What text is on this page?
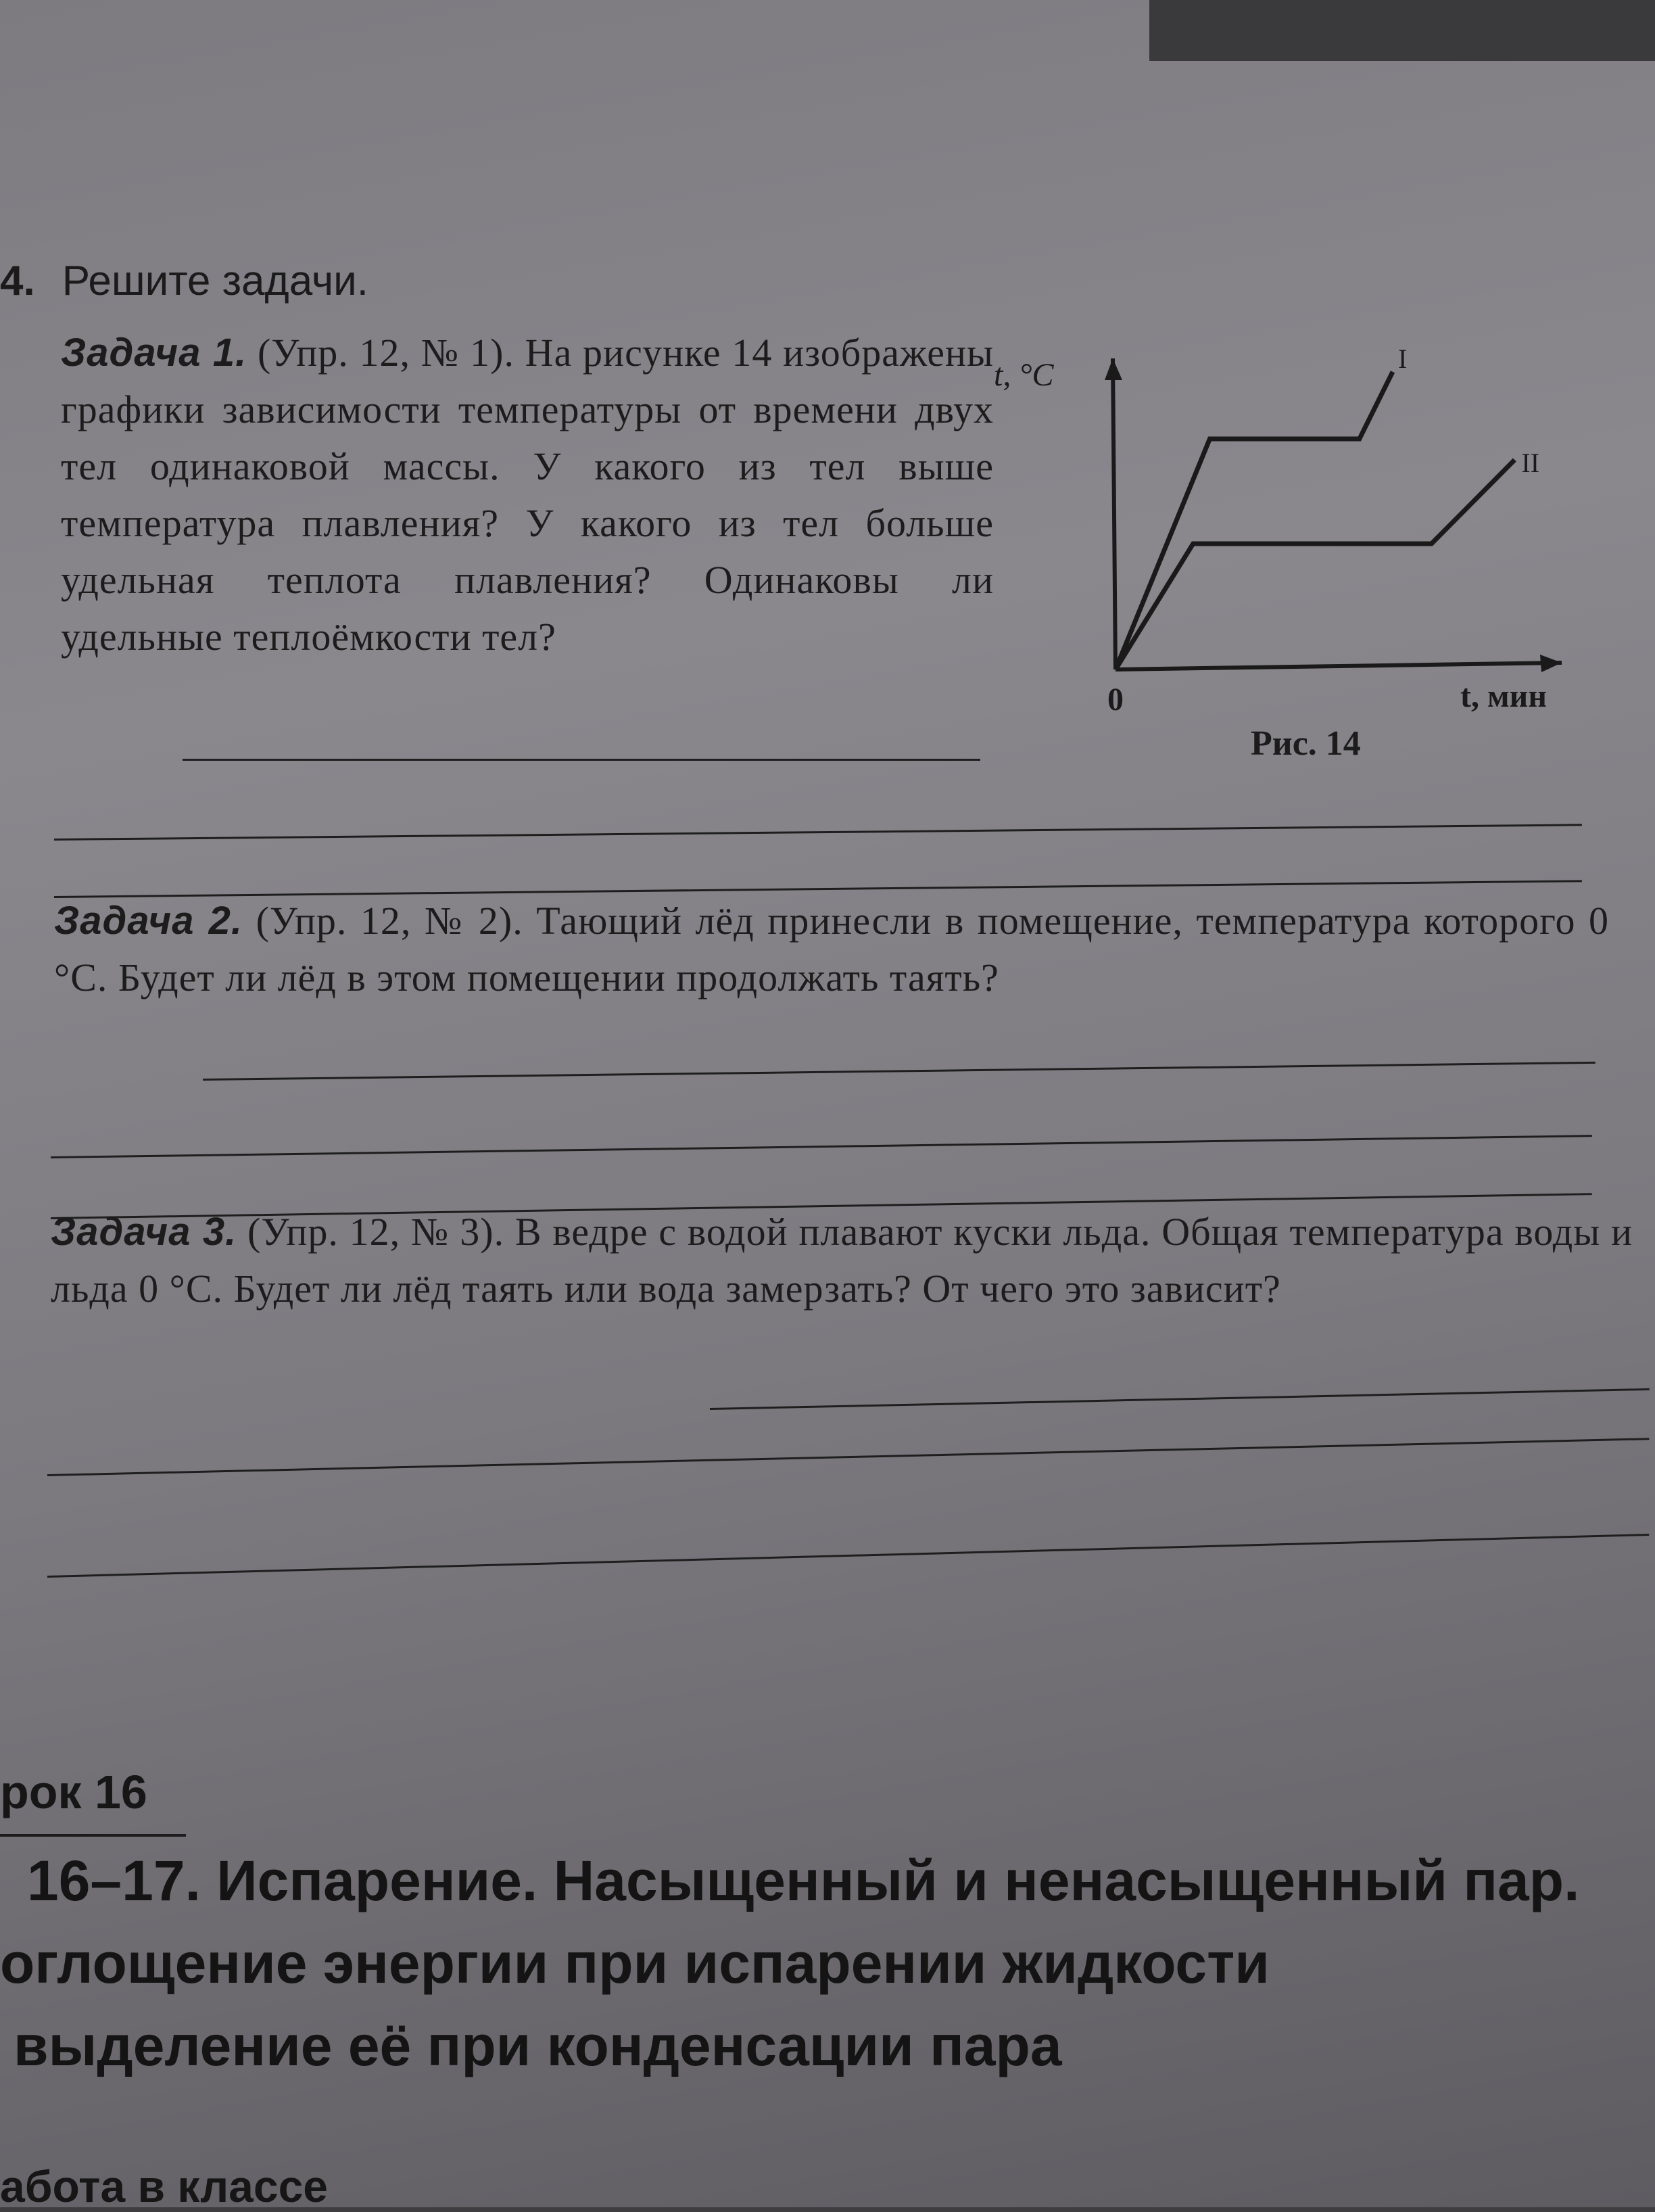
4. Решите задачи.
Задача 1. (Упр. 12, № 1). На рисунке 14 изображены графики зависимости температуры от времени двух тел одинаковой массы. У какого из тел выше температура плавления? У какого из тел больше удельная теплота плавления? Одинаковы ли удельные теплоёмкости тел?
I
II
t, °C
0	t, мин
Рис. 14
Задача 2. (Упр. 12, № 2). Тающий лёд принесли в помещение, температура которого 0 °С. Будет ли лёд в этом помещении продолжать таять?
Задача 3. (Упр. 12, № 3). В ведре с водой плавают куски льда. Общая температура воды и льда 0 °С. Будет ли лёд таять или вода замерзать? От чего это зависит?
рок 16
16–17. Испарение. Насыщенный и ненасыщенный пар.
оглощение энергии при испарении жидкости
выделение её при конденсации пара
абота в классе
